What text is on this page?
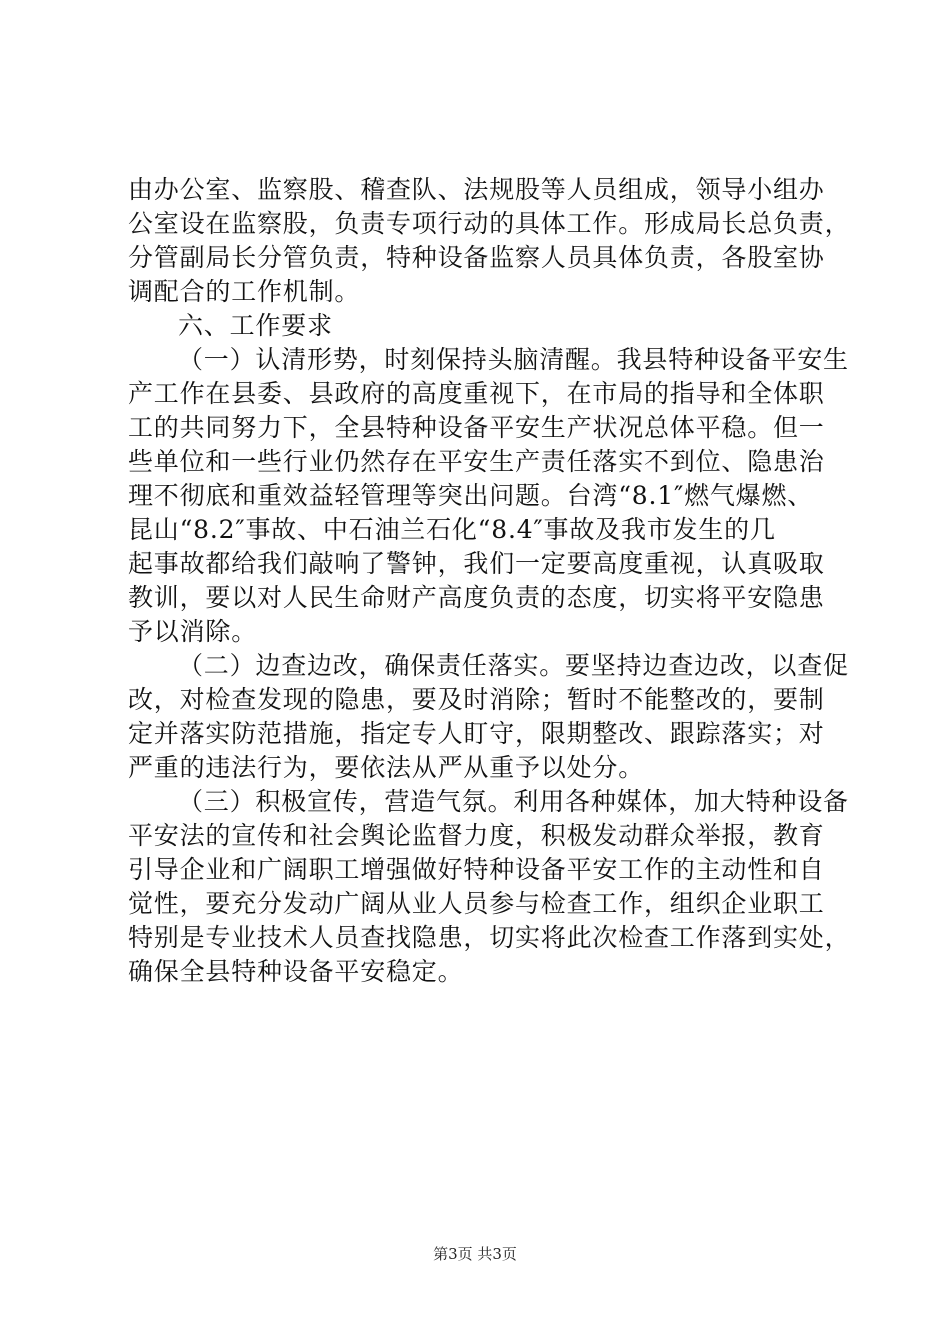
由办公室、监察股、稽查队、法规股等人员组成，领导小组办
公室设在监察股，负责专项行动的具体工作。形成局长总负责，
分管副局长分管负责，特种设备监察人员具体负责，各股室协
调配合的工作机制。
六、工作要求
（一）认清形势，时刻保持头脑清醒。我县特种设备平安生
产工作在县委、县政府的高度重视下，在市局的指导和全体职
工的共同努力下，全县特种设备平安生产状况总体平稳。但一
些单位和一些行业仍然存在平安生产责任落实不到位、隐患治
理不彻底和重效益轻管理等突出问题。台湾“8.1″燃气爆燃、
昆山“8.2″事故、中石油兰石化“8.4″事故及我市发生的几
起事故都给我们敲响了警钟，我们一定要高度重视，认真吸取
教训，要以对人民生命财产高度负责的态度，切实将平安隐患
予以消除。
（二）边查边改，确保责任落实。要坚持边查边改，以查促
改，对检查发现的隐患，要及时消除；暂时不能整改的，要制
定并落实防范措施，指定专人盯守，限期整改、跟踪落实；对
严重的违法行为，要依法从严从重予以处分。
（三）积极宣传，营造气氛。利用各种媒体，加大特种设备
平安法的宣传和社会舆论监督力度，积极发动群众举报，教育
引导企业和广阔职工增强做好特种设备平安工作的主动性和自
觉性，要充分发动广阔从业人员参与检查工作，组织企业职工
特别是专业技术人员查找隐患，切实将此次检查工作落到实处，
确保全县特种设备平安稳定。
第3页 共3页
